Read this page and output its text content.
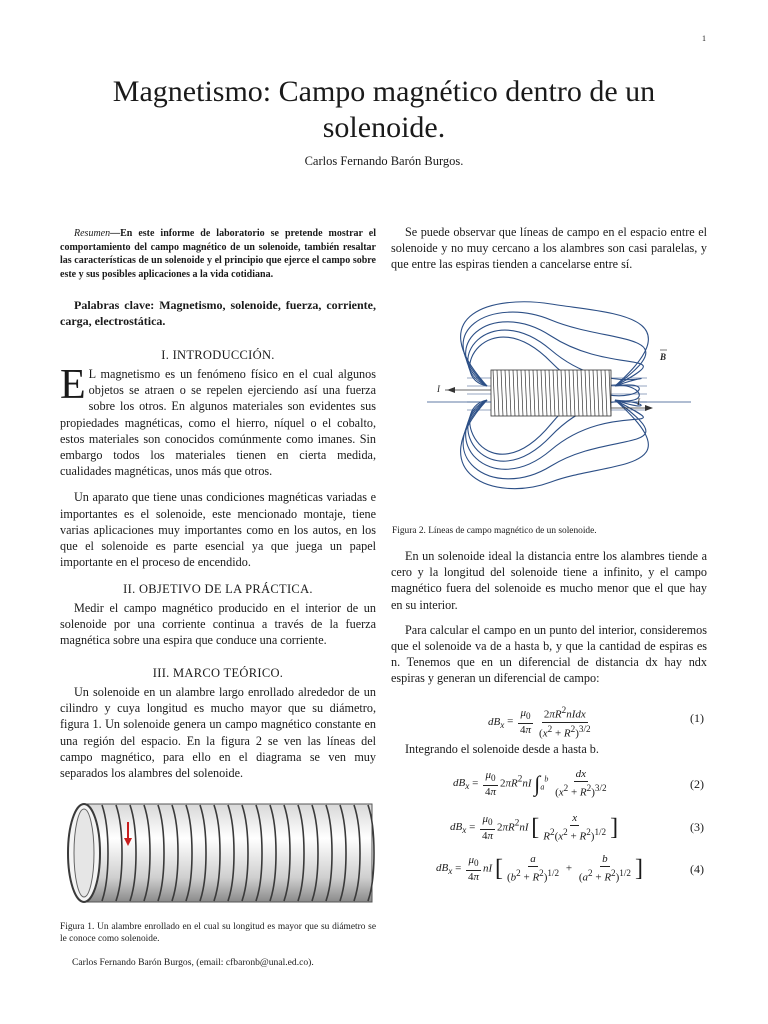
1
Magnetismo: Campo magnético dentro de un solenoide.
Carlos Fernando Barón Burgos.
Resumen—En este informe de laboratorio se pretende mostrar el comportamiento del campo magnético de un solenoide, también resaltar las características de un solenoide y el principio que ejerce el campo sobre este y sus posibles aplicaciones a la vida cotidiana.
Palabras clave: Magnetismo, solenoide, fuerza, corriente, carga, electrostática.
I. INTRODUCCIÓN.

E L magnetismo es un fenómeno físico en el cual algunos objetos se atraen o se repelen ejerciendo así una fuerza sobre los otros. En algunos materiales son evidentes sus propiedades magnéticas, como el hierro, níquel o el cobalto, estos materiales son conocidos comúnmente como imanes. Sin embargo todos los materiales tienen en cierta medida, cualidades magnéticas, unos más que otros.

Un aparato que tiene unas condiciones magnéticas variadas e importantes es el solenoide, este mencionado montaje, tiene varias aplicaciones muy importantes como en los autos, en los que el solenoide es parte esencial ya que juega un papel importante en el proceso de encendido.

II. OBJETIVO DE LA PRÁCTICA.

Medir el campo magnético producido en el interior de un solenoide por una corriente continua a través de la fuerza magnética sobre una espira que conduce una corriente.

III. MARCO TEÓRICO.

Un solenoide en un alambre largo enrollado alrededor de un cilindro y cuya longitud es mucho mayor que su diámetro, figura 1. Un solenoide genera un campo magnético constante en una región del espacio. En la figura 2 se ven las líneas del campo magnético, para ello en el diagrama se ven muy separados los alambres del solenoide.

Figura 1. Un alambre enrollado en el cual su longitud es mayor que su diámetro se le conoce como solenoide.
Carlos Fernando Barón Burgos, (email: cfbaronb@unal.ed.co).

Se puede observar que líneas de campo en el espacio entre el solenoide y no muy cercano a los alambres son casi paralelas, y que entre las espiras tienden a cancelarse entre sí.

B
I
I
Figura 2. Líneas de campo magnético de un solenoide.

En un solenoide ideal la distancia entre los alambres tiende a cero y la longitud del solenoide tiene a infinito, y el campo magnético fuera del solenoide es mucho menor que el que hay en su interior.

Para calcular el campo en un punto del interior, consideremos que el solenoide va de a hasta b, y que la cantidad de espiras es n. Tenemos que en un diferencial de distancia dx hay ndx espiras y generan un diferencial de campo:

$dB_x = \frac{\mu_0}{4\pi} \frac{2\pi R^2nIdx}{(x^2 + R^2)^{3/2}}$	(1)
Integrando el solenoide desde a hasta b.
$dB_x = \frac{\mu_0}{4\pi} 2\pi R^2nI$ $\int_a^b \frac{dx}{(x^2 + R^2)^{3/2}}$	(2)
$dB_x = \frac{\mu_0}{4\pi} 2\pi R^2nI$ [ $\frac{x}{R^2(x^2 + R^2)^{1/2}}$ ]	(3)
$dB_x = \frac{\mu_0}{4\pi}$ nI [ $\frac{a}{(b^2 + R^2)^{1/2}} + \frac{b}{(a^2 + R^2)^{1/2}}$ ]	(4)
